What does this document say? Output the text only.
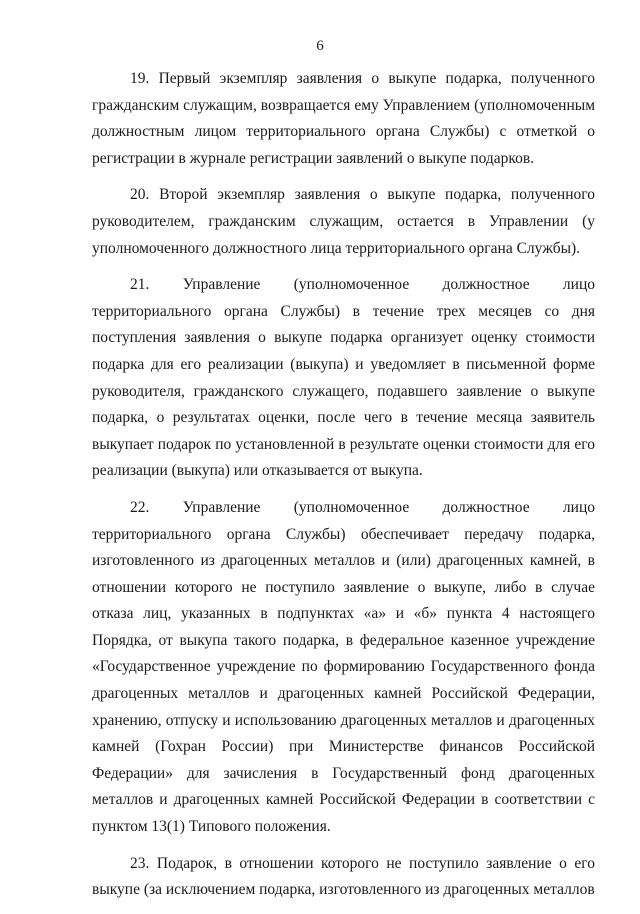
6

19. Первый экземпляр заявления о выкупе подарка, полученного гражданским служащим, возвращается ему Управлением (уполномоченным должностным лицом территориального органа Службы) с отметкой о регистрации в журнале регистрации заявлений о выкупе подарков.

20. Второй экземпляр заявления о выкупе подарка, полученного руководителем, гражданским служащим, остается в Управлении (у уполномоченного должностного лица территориального органа Службы).

21. Управление (уполномоченное должностное лицо территориального органа Службы) в течение трех месяцев со дня поступления заявления о выкупе подарка организует оценку стоимости подарка для его реализации (выкупа) и уведомляет в письменной форме руководителя, гражданского служащего, подавшего заявление о выкупе подарка, о результатах оценки, после чего в течение месяца заявитель выкупает подарок по установленной в результате оценки стоимости для его реализации (выкупа) или отказывается от выкупа.

22. Управление (уполномоченное должностное лицо территориального органа Службы) обеспечивает передачу подарка, изготовленного из драгоценных металлов и (или) драгоценных камней, в отношении которого не поступило заявление о выкупе, либо в случае отказа лиц, указанных в подпунктах «а» и «б» пункта 4 настоящего Порядка, от выкупа такого подарка, в федеральное казенное учреждение «Государственное учреждение по формированию Государственного фонда драгоценных металлов и драгоценных камней Российской Федерации, хранению, отпуску и использованию драгоценных металлов и драгоценных камней (Гохран России) при Министерстве финансов Российской Федерации» для зачисления в Государственный фонд драгоценных металлов и драгоценных камней Российской Федерации в соответствии с пунктом 13(1) Типового положения.

23. Подарок, в отношении которого не поступило заявление о его выкупе (за исключением подарка, изготовленного из драгоценных металлов
